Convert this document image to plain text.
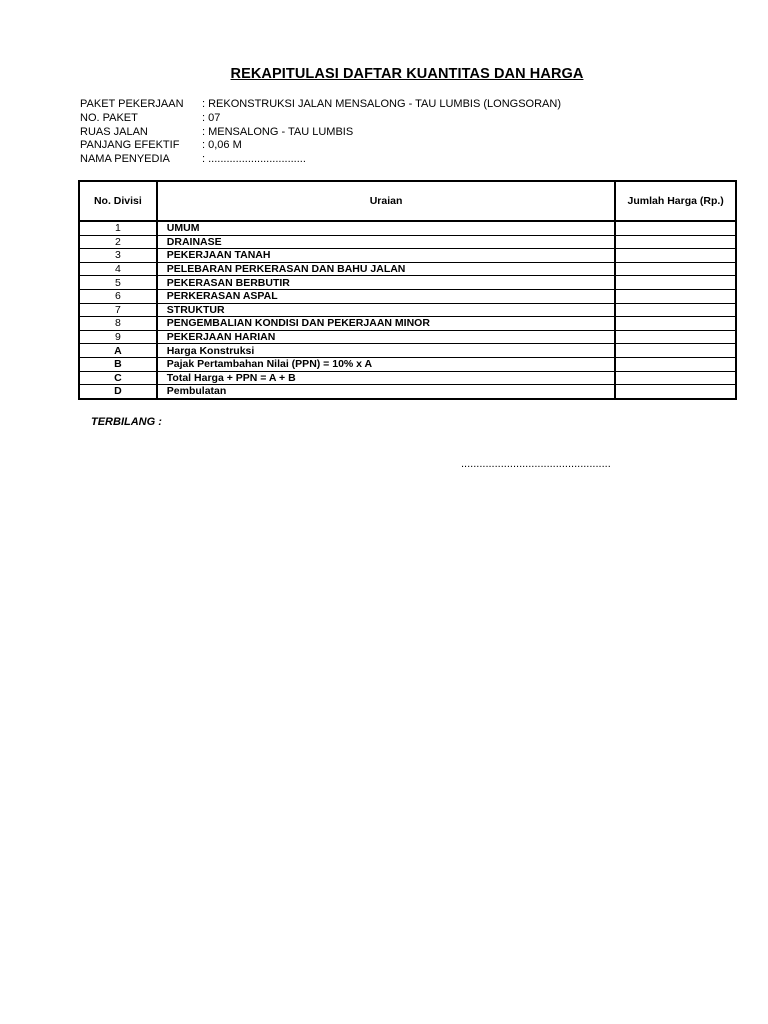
REKAPITULASI DAFTAR KUANTITAS DAN HARGA
PAKET PEKERJAAN	: REKONSTRUKSI JALAN MENSALONG - TAU LUMBIS (LONGSORAN)
NO. PAKET	: 07
RUAS JALAN	: MENSALONG - TAU LUMBIS
PANJANG EFEKTIF	: 0,06 M
NAMA PENYEDIA	: ................................
No. Divisi	Uraian	Jumlah Harga (Rp.)
1	UMUM	
2	DRAINASE	
3	PEKERJAAN TANAH	
4	PELEBARAN PERKERASAN DAN BAHU JALAN	
5	PEKERASAN BERBUTIR	
6	PERKERASAN ASPAL	
7	STRUKTUR	
8	PENGEMBALIAN KONDISI DAN PEKERJAAN MINOR	
9	PEKERJAAN HARIAN	
A	Harga Konstruksi	
B	Pajak Pertambahan Nilai (PPN) = 10% x A	
C	Total Harga + PPN = A + B	
D	Pembulatan	
TERBILANG :
.................................................
